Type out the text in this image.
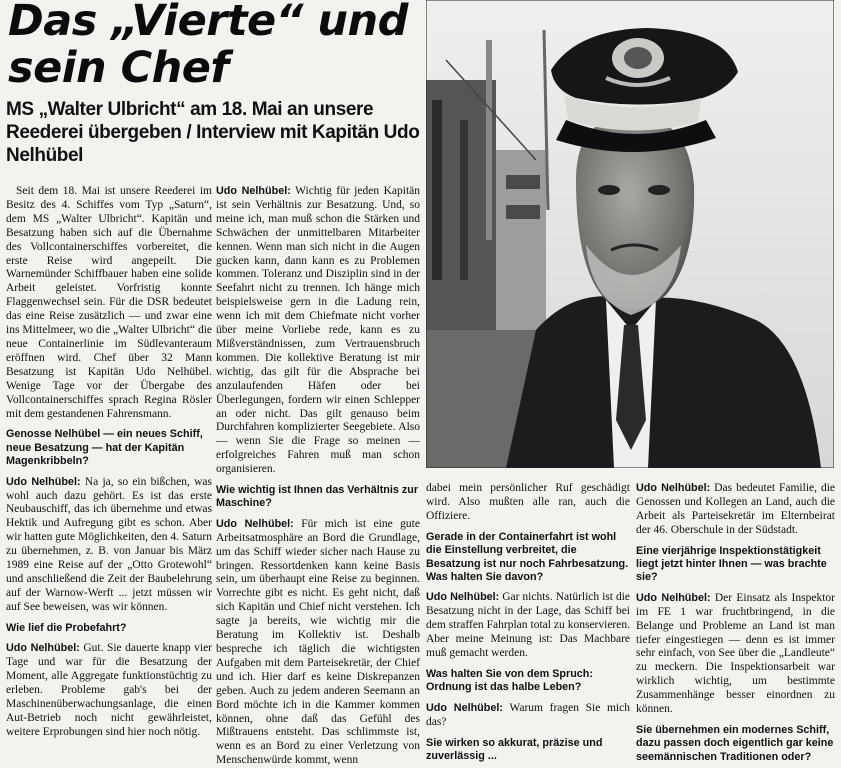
Das „Vierte“ und sein Chef
MS „Walter Ulbricht“ am 18. Mai an unsere Reederei übergeben / Interview mit Kapitän Udo Nelhübel

Seit dem 18. Mai ist unsere Reederei im Besitz des 4. Schiffes vom Typ „Saturn“, dem MS „Walter Ulbricht“. Kapitän und Besatzung haben sich auf die Übernahme des Vollcontainerschiffes vorbereitet, die erste Reise wird angepeilt. Die Warnemünder Schiffbauer haben eine solide Arbeit geleistet. Vorfristig konnte Flaggenwechsel sein. Für die DSR bedeutet das eine Reise zusätzlich — und zwar eine ins Mittelmeer, wo die „Walter Ulbricht“ die neue Containerlinie im Südlevanteraum eröffnen wird. Chef über 32 Mann Besatzung ist Kapitän Udo Nelhübel. Wenige Tage vor der Übergabe des Vollcontainerschiffes sprach Regina Rösler mit dem gestandenen Fahrensmann.

Genosse Nelhübel — ein neues Schiff, neue Besatzung — hat der Kapitän Magenkribbeln?

Udo Nelhübel: Na ja, so ein bißchen, was wohl auch dazu gehört. Es ist das erste Neubauschiff, das ich übernehme und etwas Hektik und Aufregung gibt es schon. Aber wir hatten gute Möglichkeiten, den 4. Saturn zu übernehmen, z. B. von Januar bis März 1989 eine Reise auf der „Otto Grotewohl“ und anschließend die Zeit der Baubelehrung auf der Warnow-Werft ... jetzt müssen wir auf See beweisen, was wir können.

Wie lief die Probefahrt?

Udo Nelhübel: Gut. Sie dauerte knapp vier Tage und war für die Besatzung der Moment, alle Aggregate funktionstüchtig zu erleben. Probleme gab's bei der Maschinenüberwachungsanlage, die einen Aut-Betrieb noch nicht gewährleistet, weitere Erprobungen sind hier noch nötig.

Udo Nelhübel: Wichtig für jeden Kapitän ist sein Verhältnis zur Besatzung. Und, so meine ich, man muß schon die Stärken und Schwächen der unmittelbaren Mitarbeiter kennen. Wenn man sich nicht in die Augen gucken kann, dann kann es zu Problemen kommen. Toleranz und Disziplin sind in der Seefahrt nicht zu trennen. Ich hänge mich beispielsweise gern in die Ladung rein, wenn ich mit dem Chiefmate nicht vorher über meine Vorliebe rede, kann es zu Mißverständnissen, zum Vertrauensbruch kommen. Die kollektive Beratung ist mir wichtig, das gilt für die Absprache bei anzulaufenden Häfen oder bei Überlegungen, fordern wir einen Schlepper an oder nicht. Das gilt genauso beim Durchfahren komplizierter Seegebiete. Also — wenn Sie die Frage so meinen — erfolgreiches Fahren muß man schon organisieren.

Wie wichtig ist Ihnen das Verhältnis zur Maschine?

Udo Nelhübel: Für mich ist eine gute Arbeitsatmosphäre an Bord die Grundlage, um das Schiff wieder sicher nach Hause zu bringen. Ressortdenken kann keine Basis sein, um überhaupt eine Reise zu beginnen. Vorrechte gibt es nicht. Es geht nicht, daß sich Kapitän und Chief nicht verstehen. Ich sagte ja bereits, wie wichtig mir die Beratung im Kollektiv ist. Deshalb bespreche ich täglich die wichtigsten Aufgaben mit dem Parteisekretär, der Chief und ich. Hier darf es keine Diskrepanzen geben. Auch zu jedem anderen Seemann an Bord möchte ich in die Kammer kommen können, ohne daß das Gefühl des Mißtrauens entsteht. Das schlimmste ist, wenn es an Bord zu einer Verletzung von Menschenwürde kommt, wenn

dabei mein persönlicher Ruf geschädigt wird. Also mußten alle ran, auch die Offiziere.

Gerade in der Containerfahrt ist wohl die Einstellung verbreitet, die Besatzung ist nur noch Fahrbesatzung. Was halten Sie davon?

Udo Nelhübel: Gar nichts. Natürlich ist die Besatzung nicht in der Lage, das Schiff bei dem straffen Fahrplan total zu konservieren. Aber meine Meinung ist: Das Machbare muß gemacht werden.

Was halten Sie von dem Spruch: Ordnung ist das halbe Leben?

Udo Nelhübel: Warum fragen Sie mich das?

Sie wirken so akkurat, präzise und zuverlässig ...

Udo Nelhübel: Das bedeutet Familie, die Genossen und Kollegen an Land, auch die Arbeit als Parteisekretär im Elternbeirat der 46. Oberschule in der Südstadt.

Eine vierjährige Inspektionstätigkeit liegt jetzt hinter Ihnen — was brachte sie?

Udo Nelhübel: Der Einsatz als Inspektor im FE 1 war fruchtbringend, in die Belange und Probleme an Land ist man tiefer eingestiegen — denn es ist immer sehr einfach, von See über die „Landleute“ zu meckern. Die Inspektionsarbeit war wirklich wichtig, um bestimmte Zusammenhänge besser einordnen zu können.

Sie übernehmen ein modernes Schiff, dazu passen doch eigentlich gar keine seemännischen Traditionen oder?
